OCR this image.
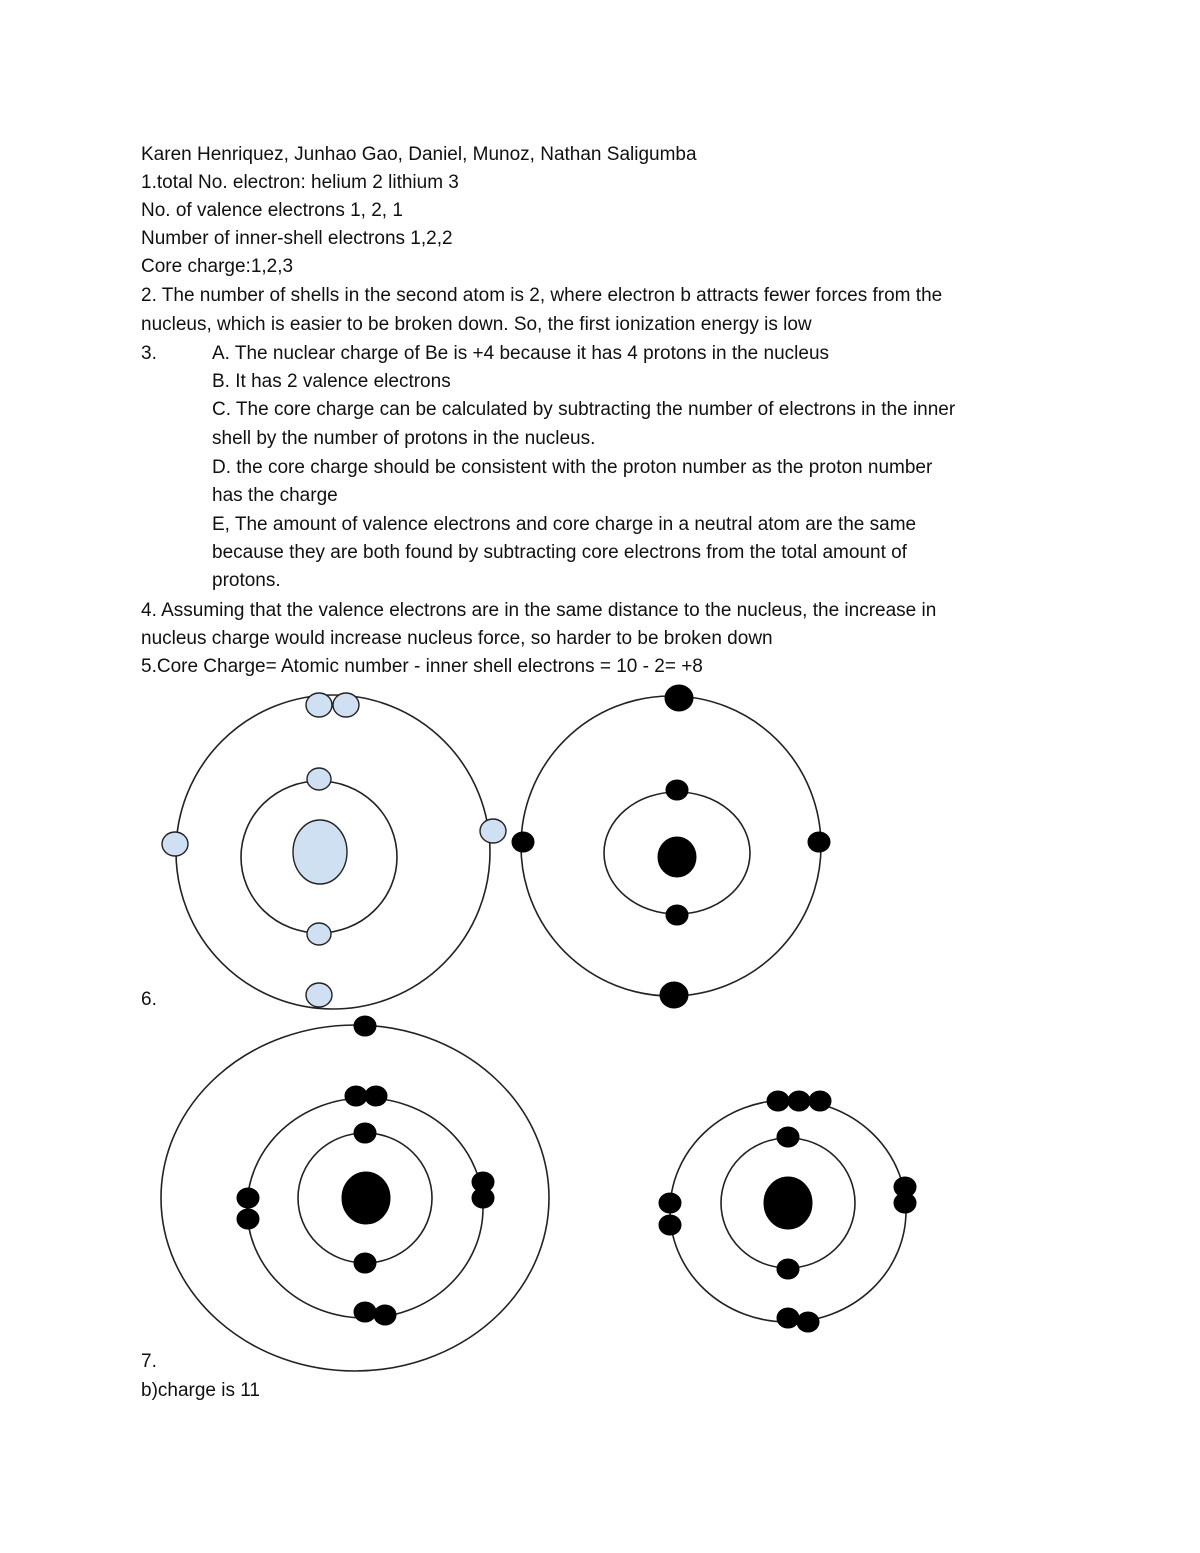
Karen Henriquez, Junhao Gao, Daniel, Munoz, Nathan Saligumba
1.total No. electron: helium 2 lithium 3
No. of valence electrons 1, 2, 1
Number of inner-shell electrons 1,2,2
Core charge:1,2,3
2. The number of shells in the second atom is 2, where electron b attracts fewer forces from the
nucleus, which is easier to be broken down. So, the first ionization energy is low
3.	A. The nuclear charge of Be is +4 because it has 4 protons in the nucleus
B. It has 2 valence electrons
C. The core charge can be calculated by subtracting the number of electrons in the inner
shell by the number of protons in the nucleus.
D. the core charge should be consistent with the proton number as the proton number
has the charge
E, The amount of valence electrons and core charge in a neutral atom are the same
because they are both found by subtracting core electrons from the total amount of
protons.
4. Assuming that the valence electrons are in the same distance to the nucleus, the increase in
nucleus charge would increase nucleus force, so harder to be broken down
5.Core Charge= Atomic number - inner shell electrons = 10 - 2= +8
6.
7.
b)charge is 11
